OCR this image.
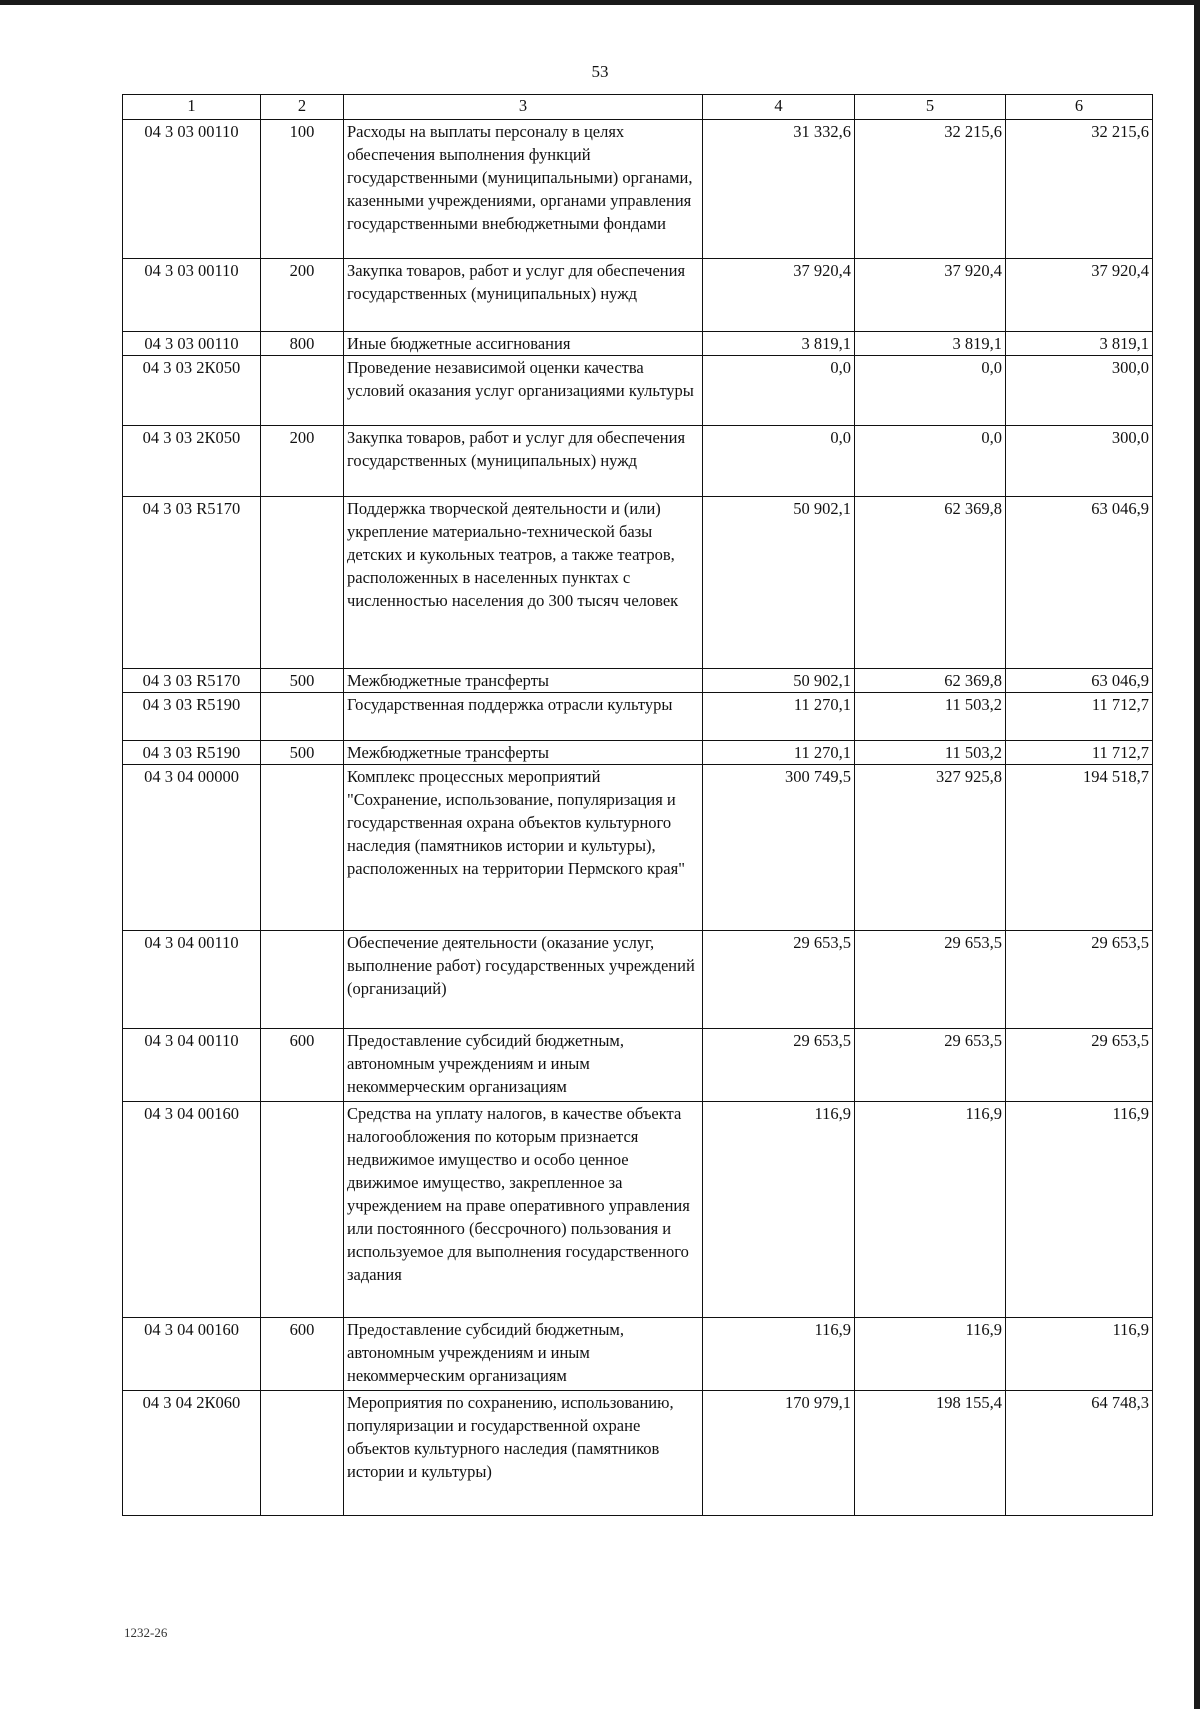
53
1	2	3	4	5	6
04 3 03 00110	100	Расходы на выплаты персоналу в целях обеспечения выполнения функций государственными (муниципальными) органами, казенными учреждениями, органами управления государственными внебюджетными фондами	31 332,6	32 215,6	32 215,6
04 3 03 00110	200	Закупка товаров, работ и услуг для обеспечения государственных (муниципальных) нужд	37 920,4	37 920,4	37 920,4
04 3 03 00110	800	Иные бюджетные ассигнования	3 819,1	3 819,1	3 819,1
04 3 03 2К050		Проведение независимой оценки качества условий оказания услуг организациями культуры	0,0	0,0	300,0
04 3 03 2К050	200	Закупка товаров, работ и услуг для обеспечения государственных (муниципальных) нужд	0,0	0,0	300,0
04 3 03 R5170		Поддержка творческой деятельности и (или) укрепление материально-технической базы детских и кукольных театров, а также театров, расположенных в населенных пунктах с численностью населения до 300 тысяч человек	50 902,1	62 369,8	63 046,9
04 3 03 R5170	500	Межбюджетные трансферты	50 902,1	62 369,8	63 046,9
04 3 03 R5190		Государственная поддержка отрасли культуры	11 270,1	11 503,2	11 712,7
04 3 03 R5190	500	Межбюджетные трансферты	11 270,1	11 503,2	11 712,7
04 3 04 00000		Комплекс процессных мероприятий "Сохранение, использование, популяризация и государственная охрана объектов культурного наследия (памятников истории и культуры), расположенных на территории Пермского края"	300 749,5	327 925,8	194 518,7
04 3 04 00110		Обеспечение деятельности (оказание услуг, выполнение работ) государственных учреждений (организаций)	29 653,5	29 653,5	29 653,5
04 3 04 00110	600	Предоставление субсидий бюджетным, автономным учреждениям и иным некоммерческим организациям	29 653,5	29 653,5	29 653,5
04 3 04 00160		Средства на уплату налогов, в качестве объекта налогообложения по которым признается недвижимое имущество и особо ценное движимое имущество, закрепленное за учреждением на праве оперативного управления или постоянного (бессрочного) пользования и используемое для выполнения государственного задания	116,9	116,9	116,9
04 3 04 00160	600	Предоставление субсидий бюджетным, автономным учреждениям и иным некоммерческим организациям	116,9	116,9	116,9
04 3 04 2К060		Мероприятия по сохранению, использованию, популяризации и государственной охране объектов культурного наследия (памятников истории и культуры)	170 979,1	198 155,4	64 748,3
1232-26
